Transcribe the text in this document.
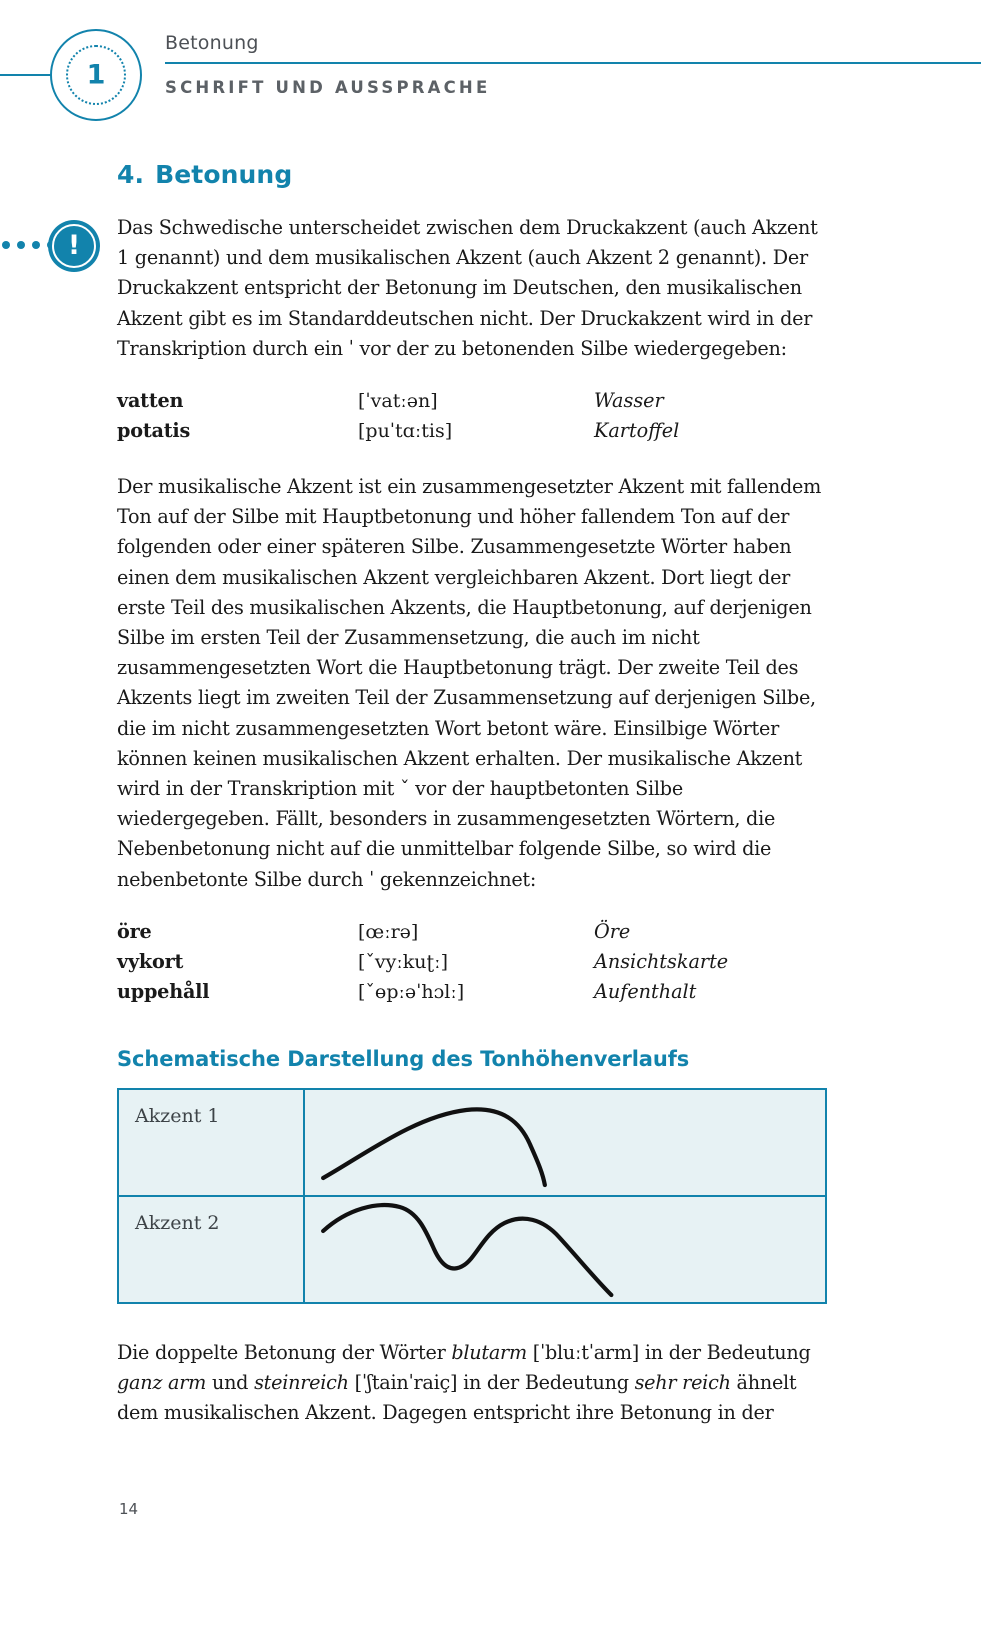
1
Betonung
SCHRIFT UND AUSSPRACHE
!
4. Betonung

Das Schwedische unterscheidet zwischen dem Druckakzent (auch Akzent 1 genannt) und dem musikalischen Akzent (auch Akzent 2 genannt). Der Druckakzent entspricht der Betonung im Deutschen, den musikalischen Akzent gibt es im Standarddeutschen nicht. Der Druckakzent wird in der Transkription durch ein ˈ vor der zu betonenden Silbe wiedergegeben:

vatten	[ˈvatːən]	Wasser
potatis	[puˈtɑːtis]	Kartoffel

Der musikalische Akzent ist ein zusammengesetzter Akzent mit fallendem Ton auf der Silbe mit Hauptbetonung und höher fallendem Ton auf der folgenden oder einer späteren Silbe. Zusammengesetzte Wörter haben einen dem musikalischen Akzent vergleichbaren Akzent. Dort liegt der erste Teil des musikalischen Akzents, die Hauptbetonung, auf derjenigen Silbe im ersten Teil der Zusammensetzung, die auch im nicht zusammengesetzten Wort die Hauptbetonung trägt. Der zweite Teil des Akzents liegt im zweiten Teil der Zusammensetzung auf derjenigen Silbe, die im nicht zusammengesetzten Wort betont wäre. Einsilbige Wörter können keinen musikalischen Akzent erhalten. Der musikalische Akzent wird in der Transkription mit ˇ vor der hauptbetonten Silbe wiedergegeben. Fällt, besonders in zusammengesetzten Wörtern, die Nebenbetonung nicht auf die unmittelbar folgende Silbe, so wird die nebenbetonte Silbe durch ˈ gekennzeichnet:

öre	[œːrə]	Öre
vykort	[ˇvyːkuʈː]	Ansichtskarte
uppehåll	[ˇɵpːəˈhɔlː]	Aufenthalt
Schematische Darstellung des Tonhöhenverlaufs
Akzent 1
Akzent 2

Die doppelte Betonung der Wörter blutarm [ˈbluːtˈarm] in der Bedeutung ganz arm und steinreich [ˈʃtainˈraiç] in der Bedeutung sehr reich ähnelt dem musikalischen Akzent. Dagegen entspricht ihre Betonung in der

14
